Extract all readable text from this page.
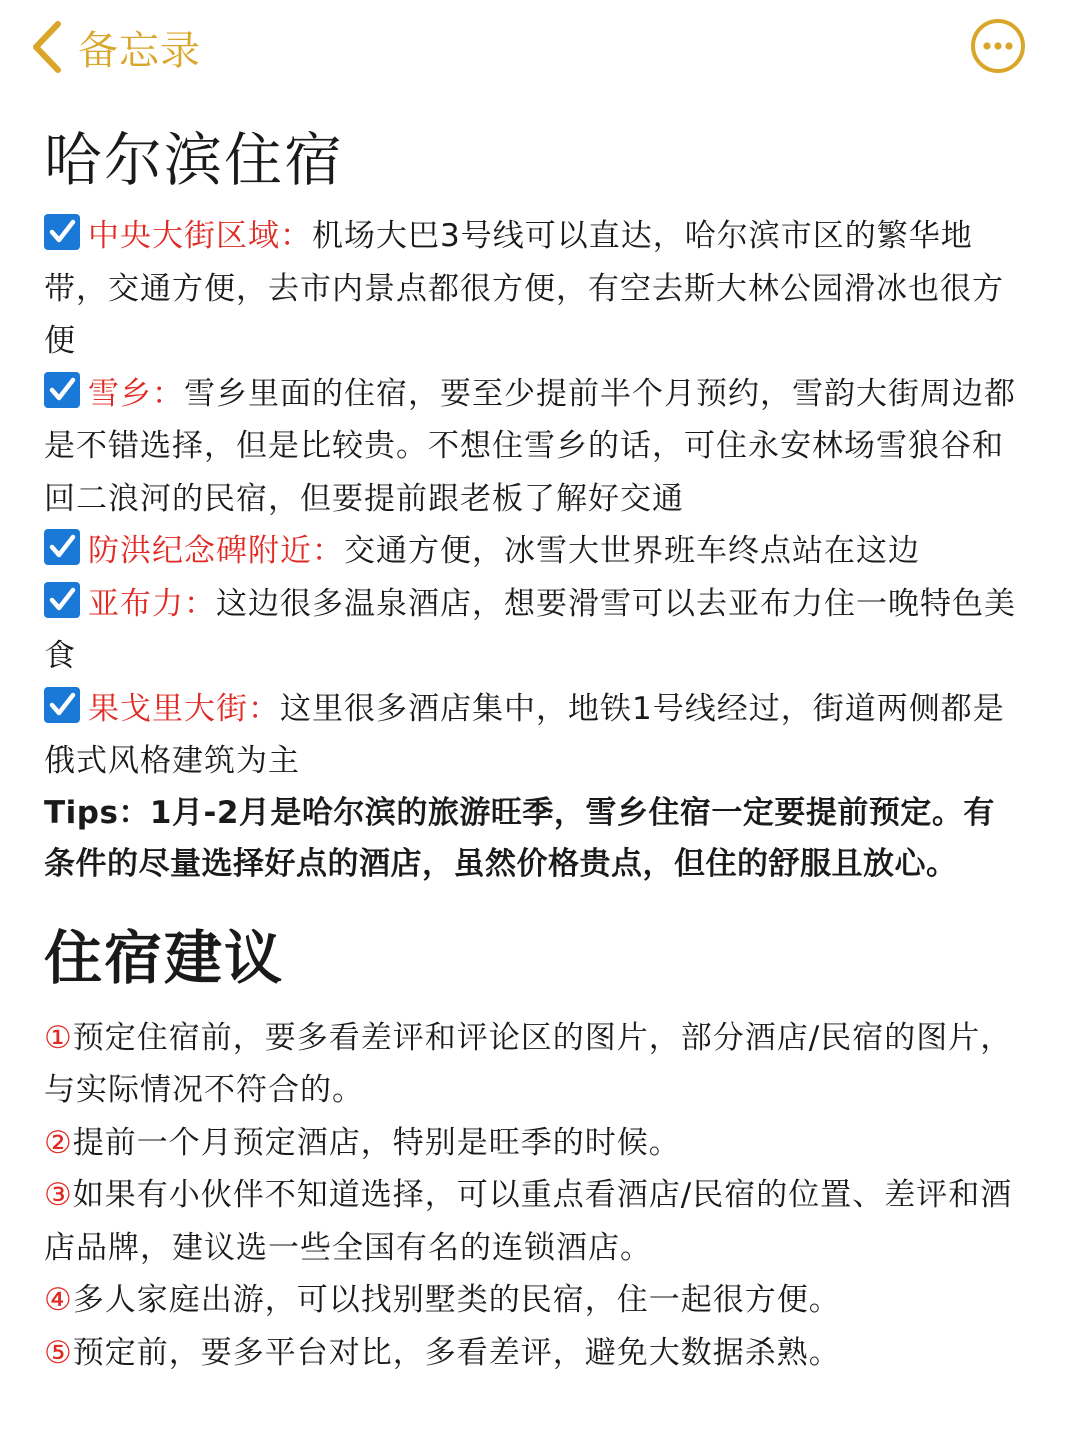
备忘录
哈尔滨住宿

中央大街区域：机场大巴3号线可以直达，哈尔滨市区的繁华地带，交通方便，去市内景点都很方便，有空去斯大林公园滑冰也很方便

雪乡：雪乡里面的住宿，要至少提前半个月预约，雪韵大街周边都是不错选择，但是比较贵。不想住雪乡的话，可住永安林场雪狼谷和回二浪河的民宿，但要提前跟老板了解好交通

防洪纪念碑附近：交通方便，冰雪大世界班车终点站在这边

亚布力：这边很多温泉酒店，想要滑雪可以去亚布力住一晚特色美食

果戈里大街：这里很多酒店集中，地铁1号线经过，街道两侧都是俄式风格建筑为主

Tips：1月-2月是哈尔滨的旅游旺季，雪乡住宿一定要提前预定。有条件的尽量选择好点的酒店，虽然价格贵点，但住的舒服且放心。

住宿建议

①预定住宿前，要多看差评和评论区的图片，部分酒店/民宿的图片，与实际情况不符合的。

②提前一个月预定酒店，特别是旺季的时候。

③如果有小伙伴不知道选择，可以重点看酒店/民宿的位置、差评和酒店品牌，建议选一些全国有名的连锁酒店。

④多人家庭出游，可以找别墅类的民宿，住一起很方便。

⑤预定前，要多平台对比，多看差评，避免大数据杀熟。
